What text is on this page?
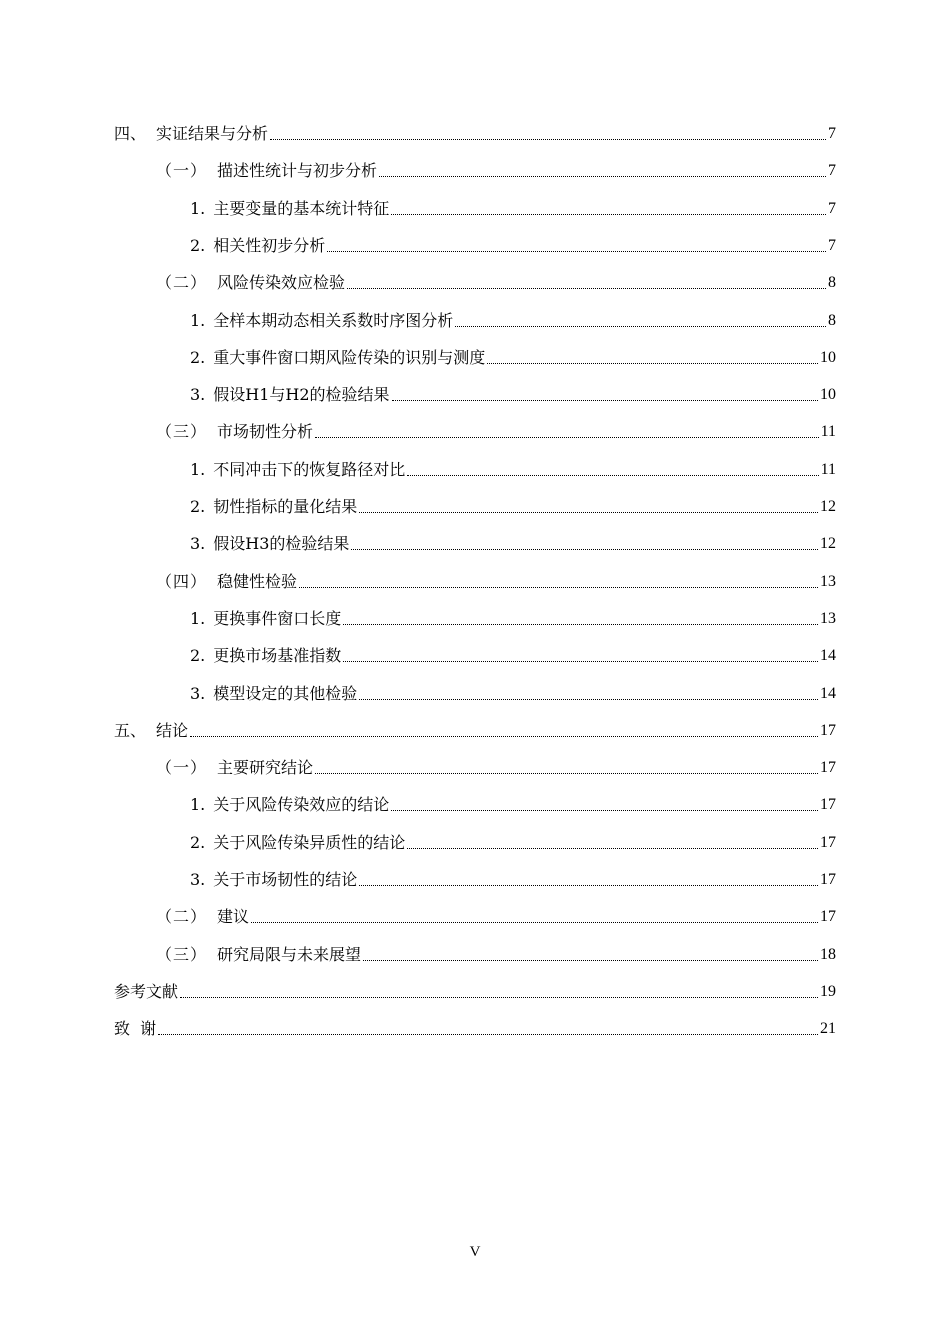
四、 实证结果与分析	7
（一） 描述性统计与初步分析	7
1. 主要变量的基本统计特征	7
2. 相关性初步分析	7
（二） 风险传染效应检验	8
1. 全样本期动态相关系数时序图分析	8
2. 重大事件窗口期风险传染的识别与测度	10
3. 假设H1与H2的检验结果	10
（三） 市场韧性分析	11
1. 不同冲击下的恢复路径对比	11
2. 韧性指标的量化结果	12
3. 假设H3的检验结果	12
（四） 稳健性检验	13
1. 更换事件窗口长度	13
2. 更换市场基准指数	14
3. 模型设定的其他检验	14
五、 结论	17
（一） 主要研究结论	17
1. 关于风险传染效应的结论	17
2. 关于风险传染异质性的结论	17
3. 关于市场韧性的结论	17
（二） 建议	17
（三） 研究局限与未来展望	18
参考文献	19
致  谢	21
V
